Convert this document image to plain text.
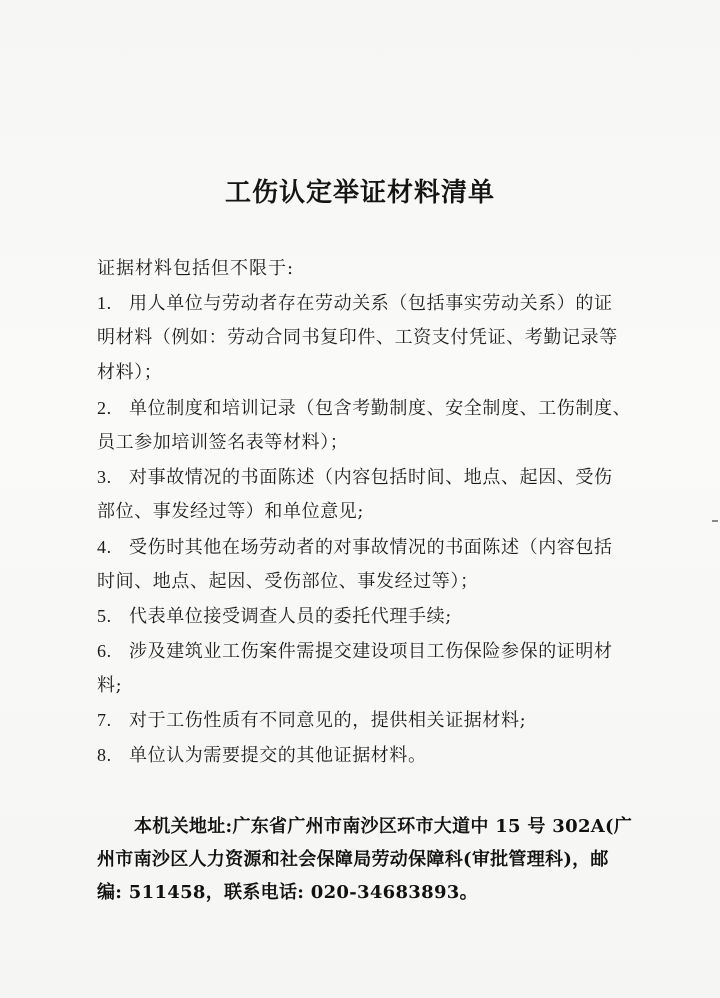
工伤认定举证材料清单
证据材料包括但不限于:
1. 用人单位与劳动者存在劳动关系（包括事实劳动关系）的证
明材料（例如：劳动合同书复印件、工资支付凭证、考勤记录等
材料）；
2. 单位制度和培训记录（包含考勤制度、安全制度、工伤制度、
员工参加培训签名表等材料）；
3. 对事故情况的书面陈述（内容包括时间、地点、起因、受伤
部位、事发经过等）和单位意见;
4. 受伤时其他在场劳动者的对事故情况的书面陈述（内容包括
时间、地点、起因、受伤部位、事发经过等）；
5. 代表单位接受调查人员的委托代理手续;
6. 涉及建筑业工伤案件需提交建设项目工伤保险参保的证明材
料;
7. 对于工伤性质有不同意见的，提供相关证据材料;
8. 单位认为需要提交的其他证据材料。
本机关地址:广东省广州市南沙区环市大道中 15 号 302A(广
州市南沙区人力资源和社会保障局劳动保障科(审批管理科)，邮
编: 511458，联系电话: 020-34683893。
